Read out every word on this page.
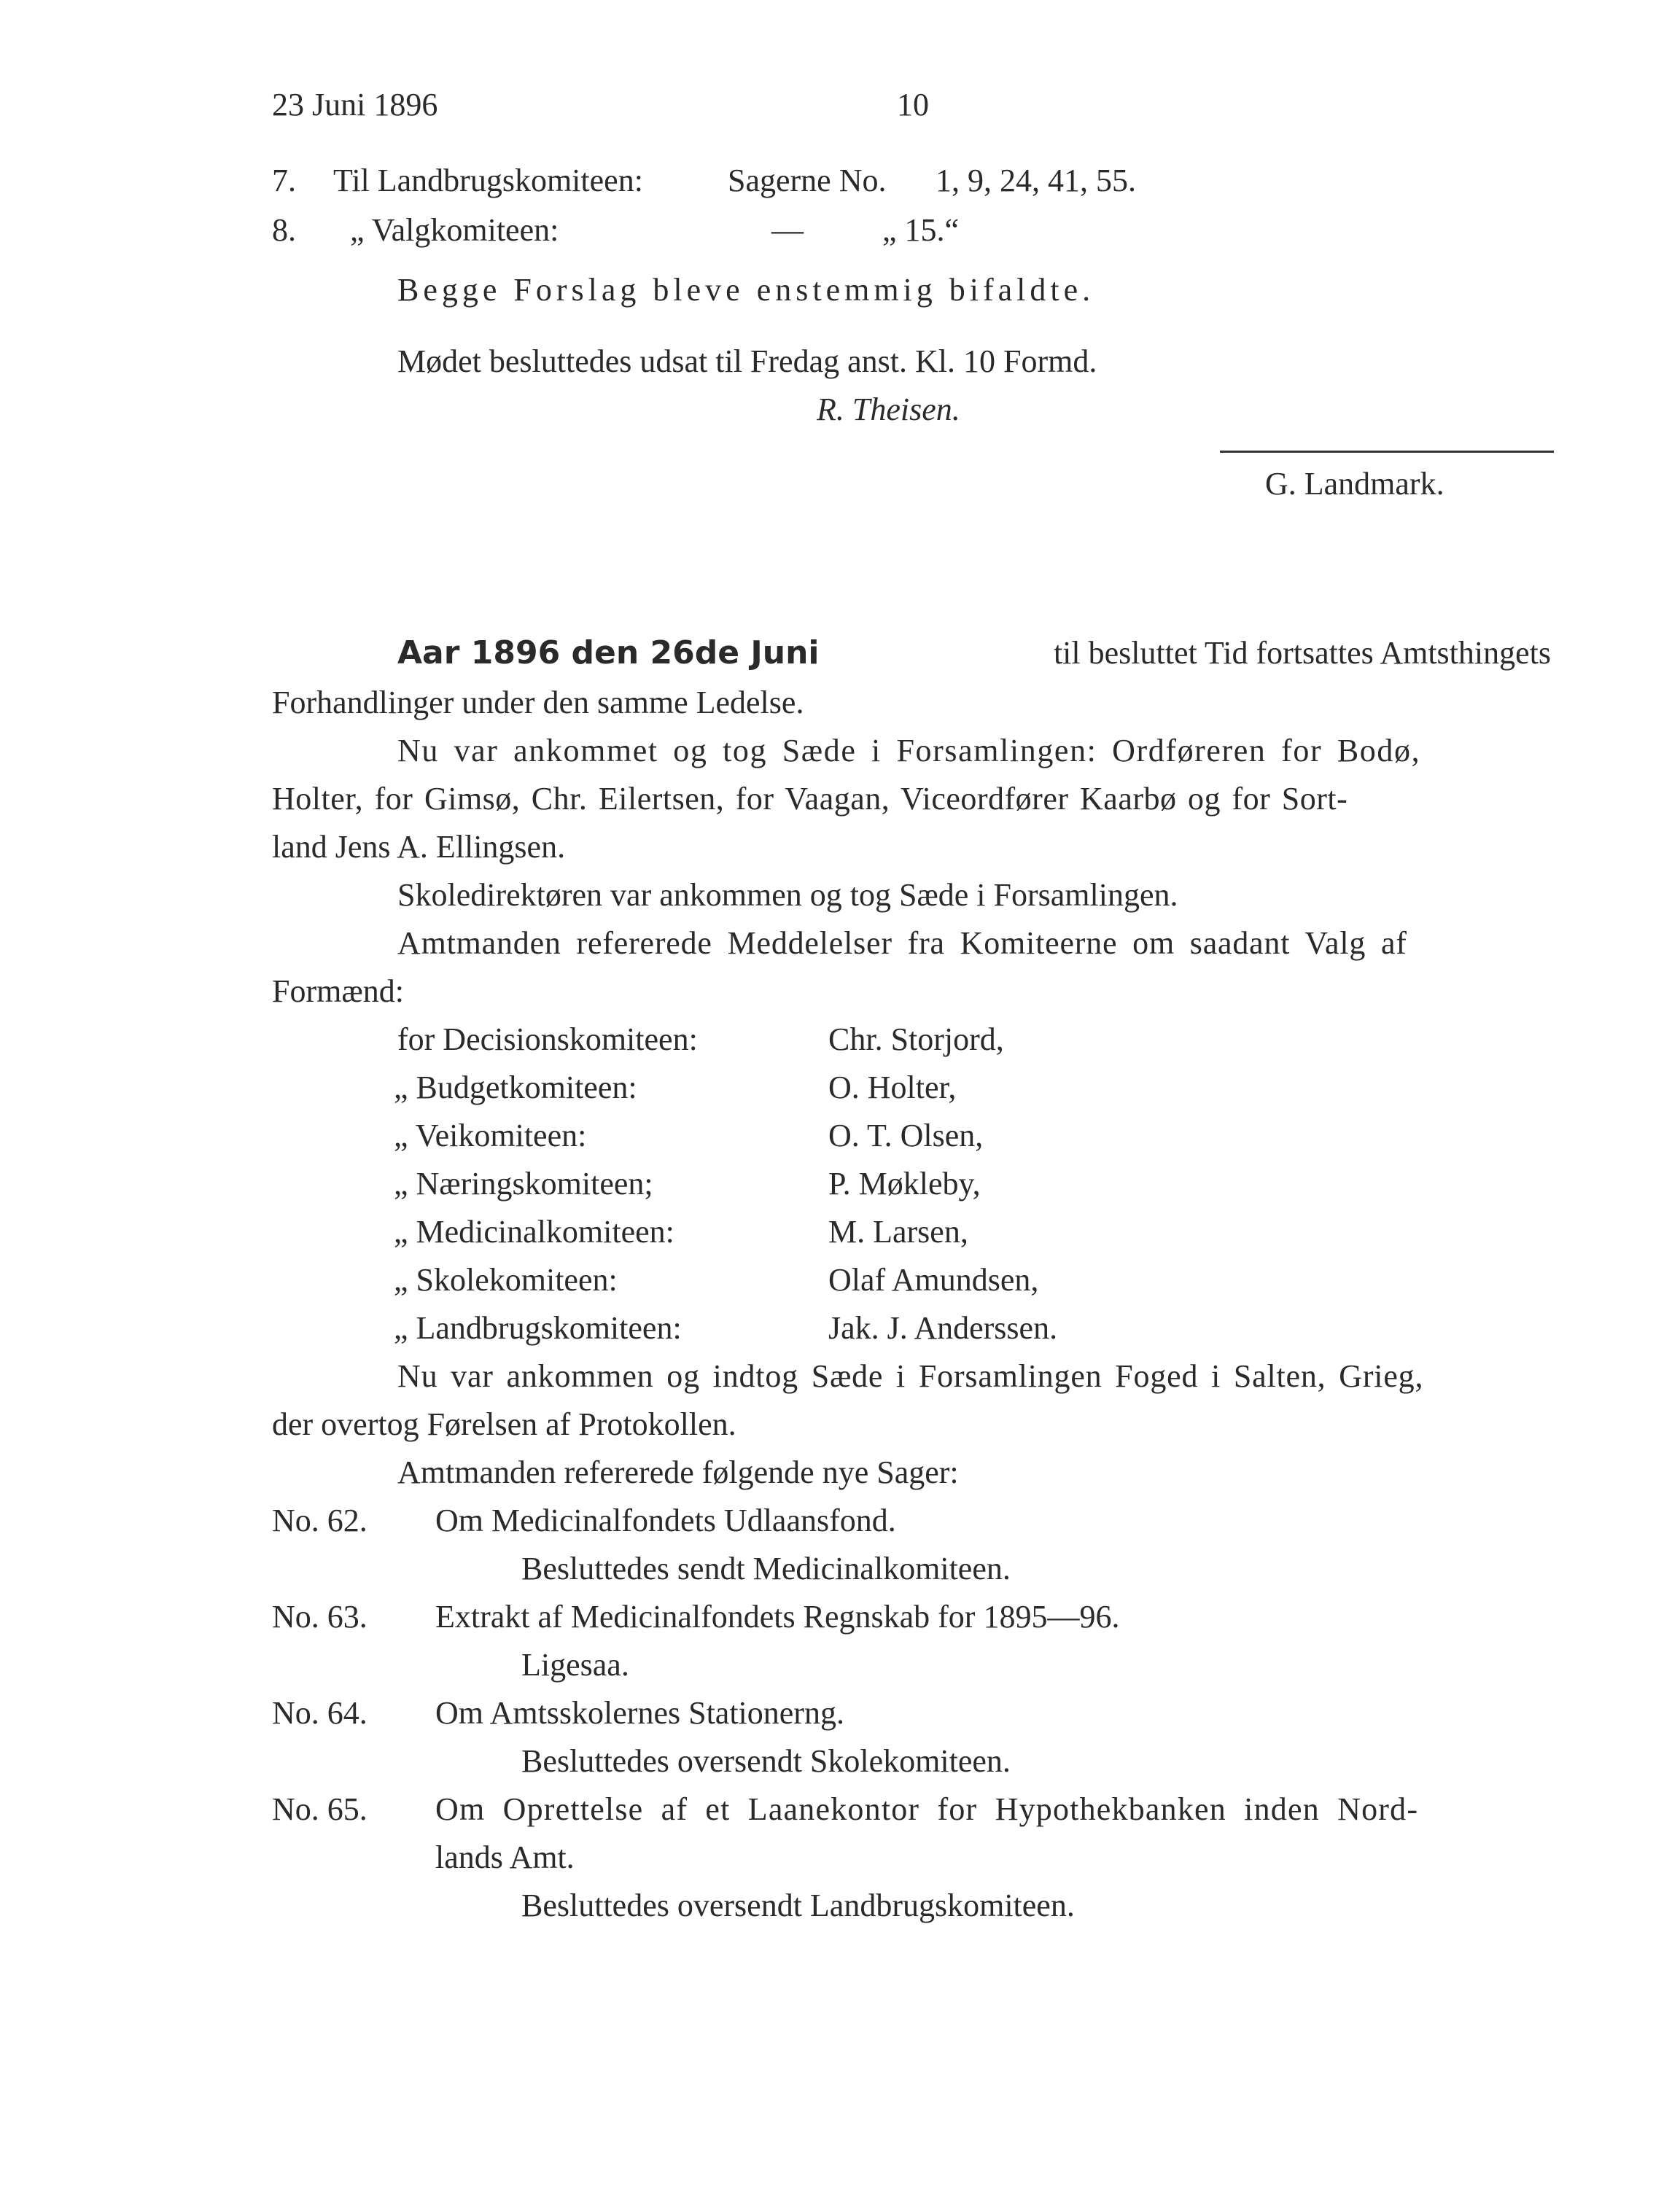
23 Juni 1896	10
7. Til Landbrugskomiteen:	Sagerne No. 1, 9, 24, 41, 55.
8. „ Valgkomiteen:	— „ 15.“
Begge Forslag bleve enstemmig bifaldte.
Mødet besluttedes udsat til Fredag anst. Kl. 10 Formd.
R. Theisen.
G. Landmark.
Aar 1896 den 26de Juni	til besluttet Tid fortsattes Amtsthingets
Forhandlinger under den samme Ledelse.
Nu var ankommet og tog Sæde i Forsamlingen: Ordføreren for Bodø,
Holter, for Gimsø, Chr. Eilertsen, for Vaagan, Viceordfører Kaarbø og for Sort-
land Jens A. Ellingsen.
Skoledirektøren var ankommen og tog Sæde i Forsamlingen.
Amtmanden refererede Meddelelser fra Komiteerne om saadant Valg af
Formænd:
for Decisionskomiteen:	Chr. Storjord,
„ Budgetkomiteen:	O. Holter,
„ Veikomiteen:	O. T. Olsen,
„ Næringskomiteen;	P. Møkleby,
„ Medicinalkomiteen:	M. Larsen,
„ Skolekomiteen:	Olaf Amundsen,
„ Landbrugskomiteen:	Jak. J. Anderssen.
Nu var ankommen og indtog Sæde i Forsamlingen Foged i Salten, Grieg,
der overtog Førelsen af Protokollen.
Amtmanden refererede følgende nye Sager:
No. 62. Om Medicinalfondets Udlaansfond.
Besluttedes sendt Medicinalkomiteen.
No. 63. Extrakt af Medicinalfondets Regnskab for 1895—96.
Ligesaa.
No. 64. Om Amtsskolernes Stationerng.
Besluttedes oversendt Skolekomiteen.
No. 65. Om Oprettelse af et Laanekontor for Hypothekbanken inden Nord-
lands Amt.
Besluttedes oversendt Landbrugskomiteen.
